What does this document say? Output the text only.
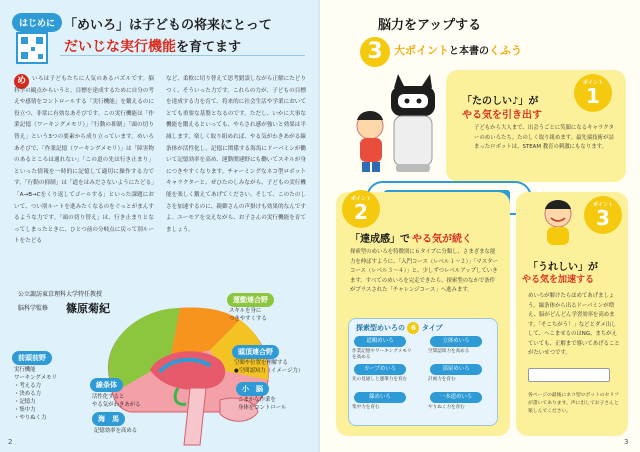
はじめに 「めいろ」は子どもの将来にとって
だいじな実行機能を育てます
め	いろは子どもたちに人気のあるパズルです。脳科学の観点からいうと、目標を達成するために自分の考えや感情をコントロールする「実行機能」を鍛えるのに役立つ、非常に有効なあそびです。この実行機能は「作業記憶（ワーキングメモリ）」「行動の抑制」「頭の切り替え」という3つの要素から成り立っています。めいろあそびで、「作業記憶（ワーキングメモリ）」は「障害物のあるところは通れない」「この道の先は行き止まり」といった情報を一時的に記憶して適切に操作する力です。「行動の抑制」は「道をはみださないようにたどる」「A→B→Cをくり返してゴールする」といった課題において、つい別ルートを進みたくなるのをぐっとがまんするような力です。「頭の切り替え」は、行き止まりとなってしまったときに、ひとつ前の分岐点に戻って別ルートをたどる
など、柔軟に切り替えて思考錯誤しながら正解にたどりつく、そういった力です。これらの力が、子どもの目標を達成する力を育て、将来的に社会生活や学業においてとても重要な基盤となるのです。ただし、いかに大事な機能を鍛えるといっても、やらされ感が強いと効果は半減します。楽しく取り組めれば、やる気がわきあがる線条体が活性化し、記憶に関係する海馬にドーパミンが働いて記憶効率を高め、運動関連野にも働いてスキルが身につきやすくなります。チャーミングなネコ型ロボットキャラクターと、ぜひたのしみながら、子どもの実行機能を楽しく鍛えてあげてください。そして、このたのしさを加速するのに、親御さんの声掛けも効果的なんですよ。ユーモアを交えながら、お子さんの実行機能を育てましょう。
公立諏訪東京理科大学特任教授
脳科学監修 篠原菊紀
運動連合野
スキルを身に
つきやすくする
前頭前野
実行機能
ワーキングメモリ
・考える力
・決める力
・記憶力
・集中力
・やりぬく力
線条体
活性化すると
やる気がわきあがる
頭頂連合野
空間や位置を理解する
●空間認知力（イメージ力）
海　馬
記憶効率を高める
小　脳
こまかな作業を
身体をコントロール
2
脳力をアップする
3	大ポイントと本書のくふう
ポイント
1
「たのしい♪」が
やる気を引き出す
子どもから大人まで、出会うごとに笑顔になるキャラクターのめいろたち。たのしく取り組めます。最先端技術が詰まったロボットは、STEAM 教育の刺激にもなります。
ポイント
2
「達成感」で やる気が続く
探索型のめいろを特徴別に６タイプに分類し、さまざまな能力を伸ばすように、「入門コース（レベル１〜２）」「マスターコース（レベル３〜４）」と、少しずつレベルアップしていきます。すべてのめいろを完走できたら、探索型のなかで条件がプラスされた「チャレンジコース」へ進みます。
探索型めいろの 6 タイプ
道順めいろ
作業記憶やワーキングメモリを高める
立体めいろ
空間認知力を高める
カーブめいろ
先の見通しと運筆力を育む
部屋めいろ
計画力を育む
線めいろ
集中力を育む
一本道めいろ
やりぬく力を育む
ポイント
3
「うれしい」が
やる気を加速する
めいろが解けたらほめてあげましょう。線条体から出るドーパミンが増え、脳がどんどん学習効率を高めます。「そこちがう！」などとダメ出しして、へこませるのはNG。まちがえていても、正解まで導いてあげることがたいせつです。
各ページの最後にネコ型ロボットのセリフが書いてあります。声に出してお子さんと楽しんでください。
3
